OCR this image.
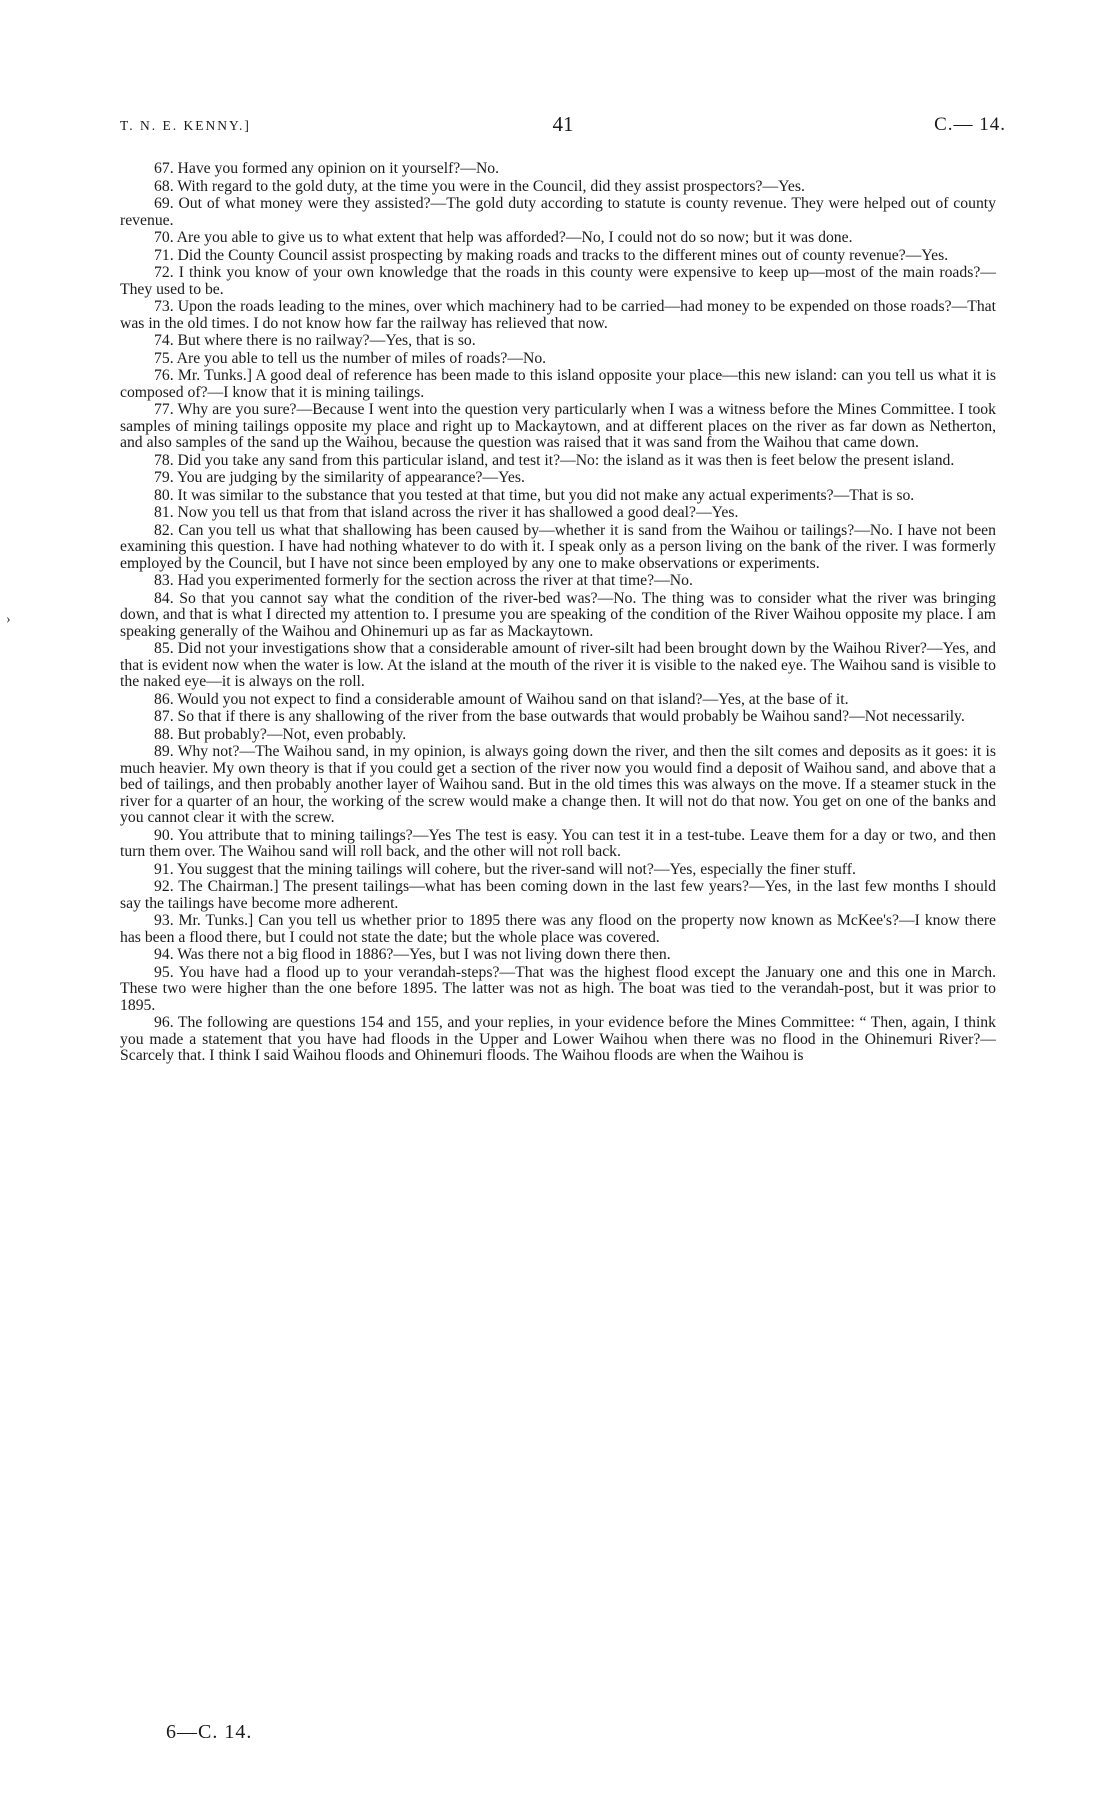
T. N. E. KENNY.]	41	C.— 14.
›

67. Have you formed any opinion on it yourself?—No.

68. With regard to the gold duty, at the time you were in the Council, did they assist prospectors?—Yes.

69. Out of what money were they assisted?—The gold duty according to statute is county revenue. They were helped out of county revenue.

70. Are you able to give us to what extent that help was afforded?—No, I could not do so now; but it was done.

71. Did the County Council assist prospecting by making roads and tracks to the different mines out of county revenue?—Yes.

72. I think you know of your own knowledge that the roads in this county were expensive to keep up—most of the main roads?—They used to be.

73. Upon the roads leading to the mines, over which machinery had to be carried—had money to be expended on those roads?—That was in the old times. I do not know how far the railway has relieved that now.

74. But where there is no railway?—Yes, that is so.

75. Are you able to tell us the number of miles of roads?—No.

76. Mr. Tunks.] A good deal of reference has been made to this island opposite your place—this new island: can you tell us what it is composed of?—I know that it is mining tailings.

77. Why are you sure?—Because I went into the question very particularly when I was a witness before the Mines Committee. I took samples of mining tailings opposite my place and right up to Mackaytown, and at different places on the river as far down as Netherton, and also samples of the sand up the Waihou, because the question was raised that it was sand from the Waihou that came down.

78. Did you take any sand from this particular island, and test it?—No: the island as it was then is feet below the present island.

79. You are judging by the similarity of appearance?—Yes.

80. It was similar to the substance that you tested at that time, but you did not make any actual experiments?—That is so.

81. Now you tell us that from that island across the river it has shallowed a good deal?—Yes.

82. Can you tell us what that shallowing has been caused by—whether it is sand from the Waihou or tailings?—No. I have not been examining this question. I have had nothing whatever to do with it. I speak only as a person living on the bank of the river. I was formerly employed by the Council, but I have not since been employed by any one to make observations or experiments.

83. Had you experimented formerly for the section across the river at that time?—No.

84. So that you cannot say what the condition of the river-bed was?—No. The thing was to consider what the river was bringing down, and that is what I directed my attention to. I presume you are speaking of the condition of the River Waihou opposite my place. I am speaking generally of the Waihou and Ohinemuri up as far as Mackaytown.

85. Did not your investigations show that a considerable amount of river-silt had been brought down by the Waihou River?—Yes, and that is evident now when the water is low. At the island at the mouth of the river it is visible to the naked eye. The Waihou sand is visible to the naked eye—it is always on the roll.

86. Would you not expect to find a considerable amount of Waihou sand on that island?—Yes, at the base of it.

87. So that if there is any shallowing of the river from the base outwards that would probably be Waihou sand?—Not necessarily.

88. But probably?—Not, even probably.

89. Why not?—The Waihou sand, in my opinion, is always going down the river, and then the silt comes and deposits as it goes: it is much heavier. My own theory is that if you could get a section of the river now you would find a deposit of Waihou sand, and above that a bed of tailings, and then probably another layer of Waihou sand. But in the old times this was always on the move. If a steamer stuck in the river for a quarter of an hour, the working of the screw would make a change then. It will not do that now. You get on one of the banks and you cannot clear it with the screw.

90. You attribute that to mining tailings?—Yes The test is easy. You can test it in a test-tube. Leave them for a day or two, and then turn them over. The Waihou sand will roll back, and the other will not roll back.

91. You suggest that the mining tailings will cohere, but the river-sand will not?—Yes, especially the finer stuff.

92. The Chairman.] The present tailings—what has been coming down in the last few years?—Yes, in the last few months I should say the tailings have become more adherent.

93. Mr. Tunks.] Can you tell us whether prior to 1895 there was any flood on the property now known as McKee's?—I know there has been a flood there, but I could not state the date; but the whole place was covered.

94. Was there not a big flood in 1886?—Yes, but I was not living down there then.

95. You have had a flood up to your verandah-steps?—That was the highest flood except the January one and this one in March. These two were higher than the one before 1895. The latter was not as high. The boat was tied to the verandah-post, but it was prior to 1895.

96. The following are questions 154 and 155, and your replies, in your evidence before the Mines Committee: “ Then, again, I think you made a statement that you have had floods in the Upper and Lower Waihou when there was no flood in the Ohinemuri River?—Scarcely that. I think I said Waihou floods and Ohinemuri floods. The Waihou floods are when the Waihou is

6—C. 14.
